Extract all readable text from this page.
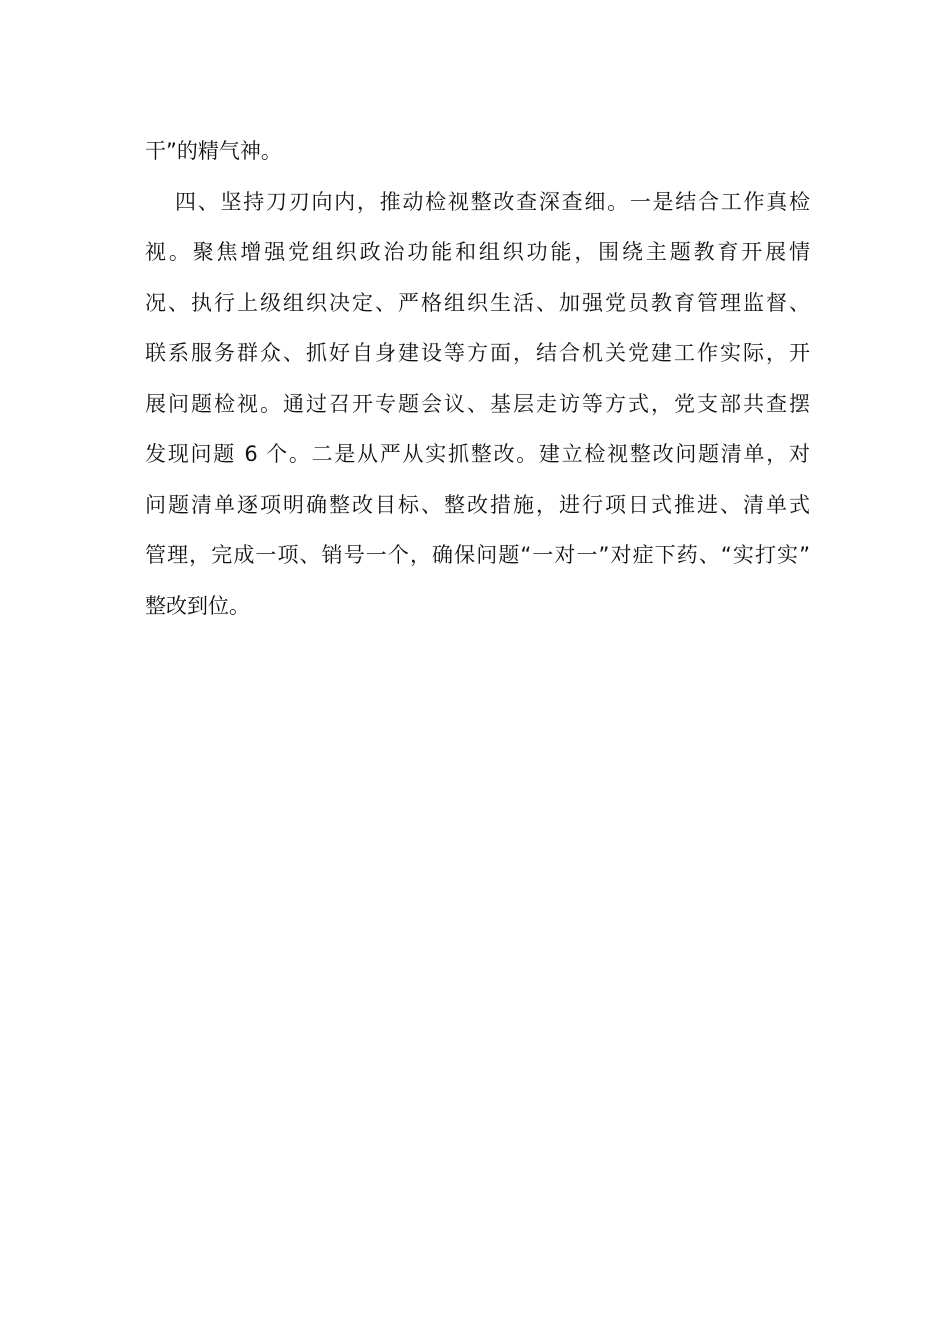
干”的精气神。
四、坚持刀刃向内，推动检视整改查深查细。一是结合工作真检
视。聚焦增强党组织政治功能和组织功能，围绕主题教育开展情
况、执行上级组织决定、严格组织生活、加强党员教育管理监督、
联系服务群众、抓好自身建设等方面，结合机关党建工作实际，开
展问题检视。通过召开专题会议、基层走访等方式，党支部共查摆
发现问题 6 个。二是从严从实抓整改。建立检视整改问题清单，对
问题清单逐项明确整改目标、整改措施，进行项日式推进、清单式
管理，完成一项、销号一个，确保问题“一对一”对症下药、“实打实”
整改到位。
